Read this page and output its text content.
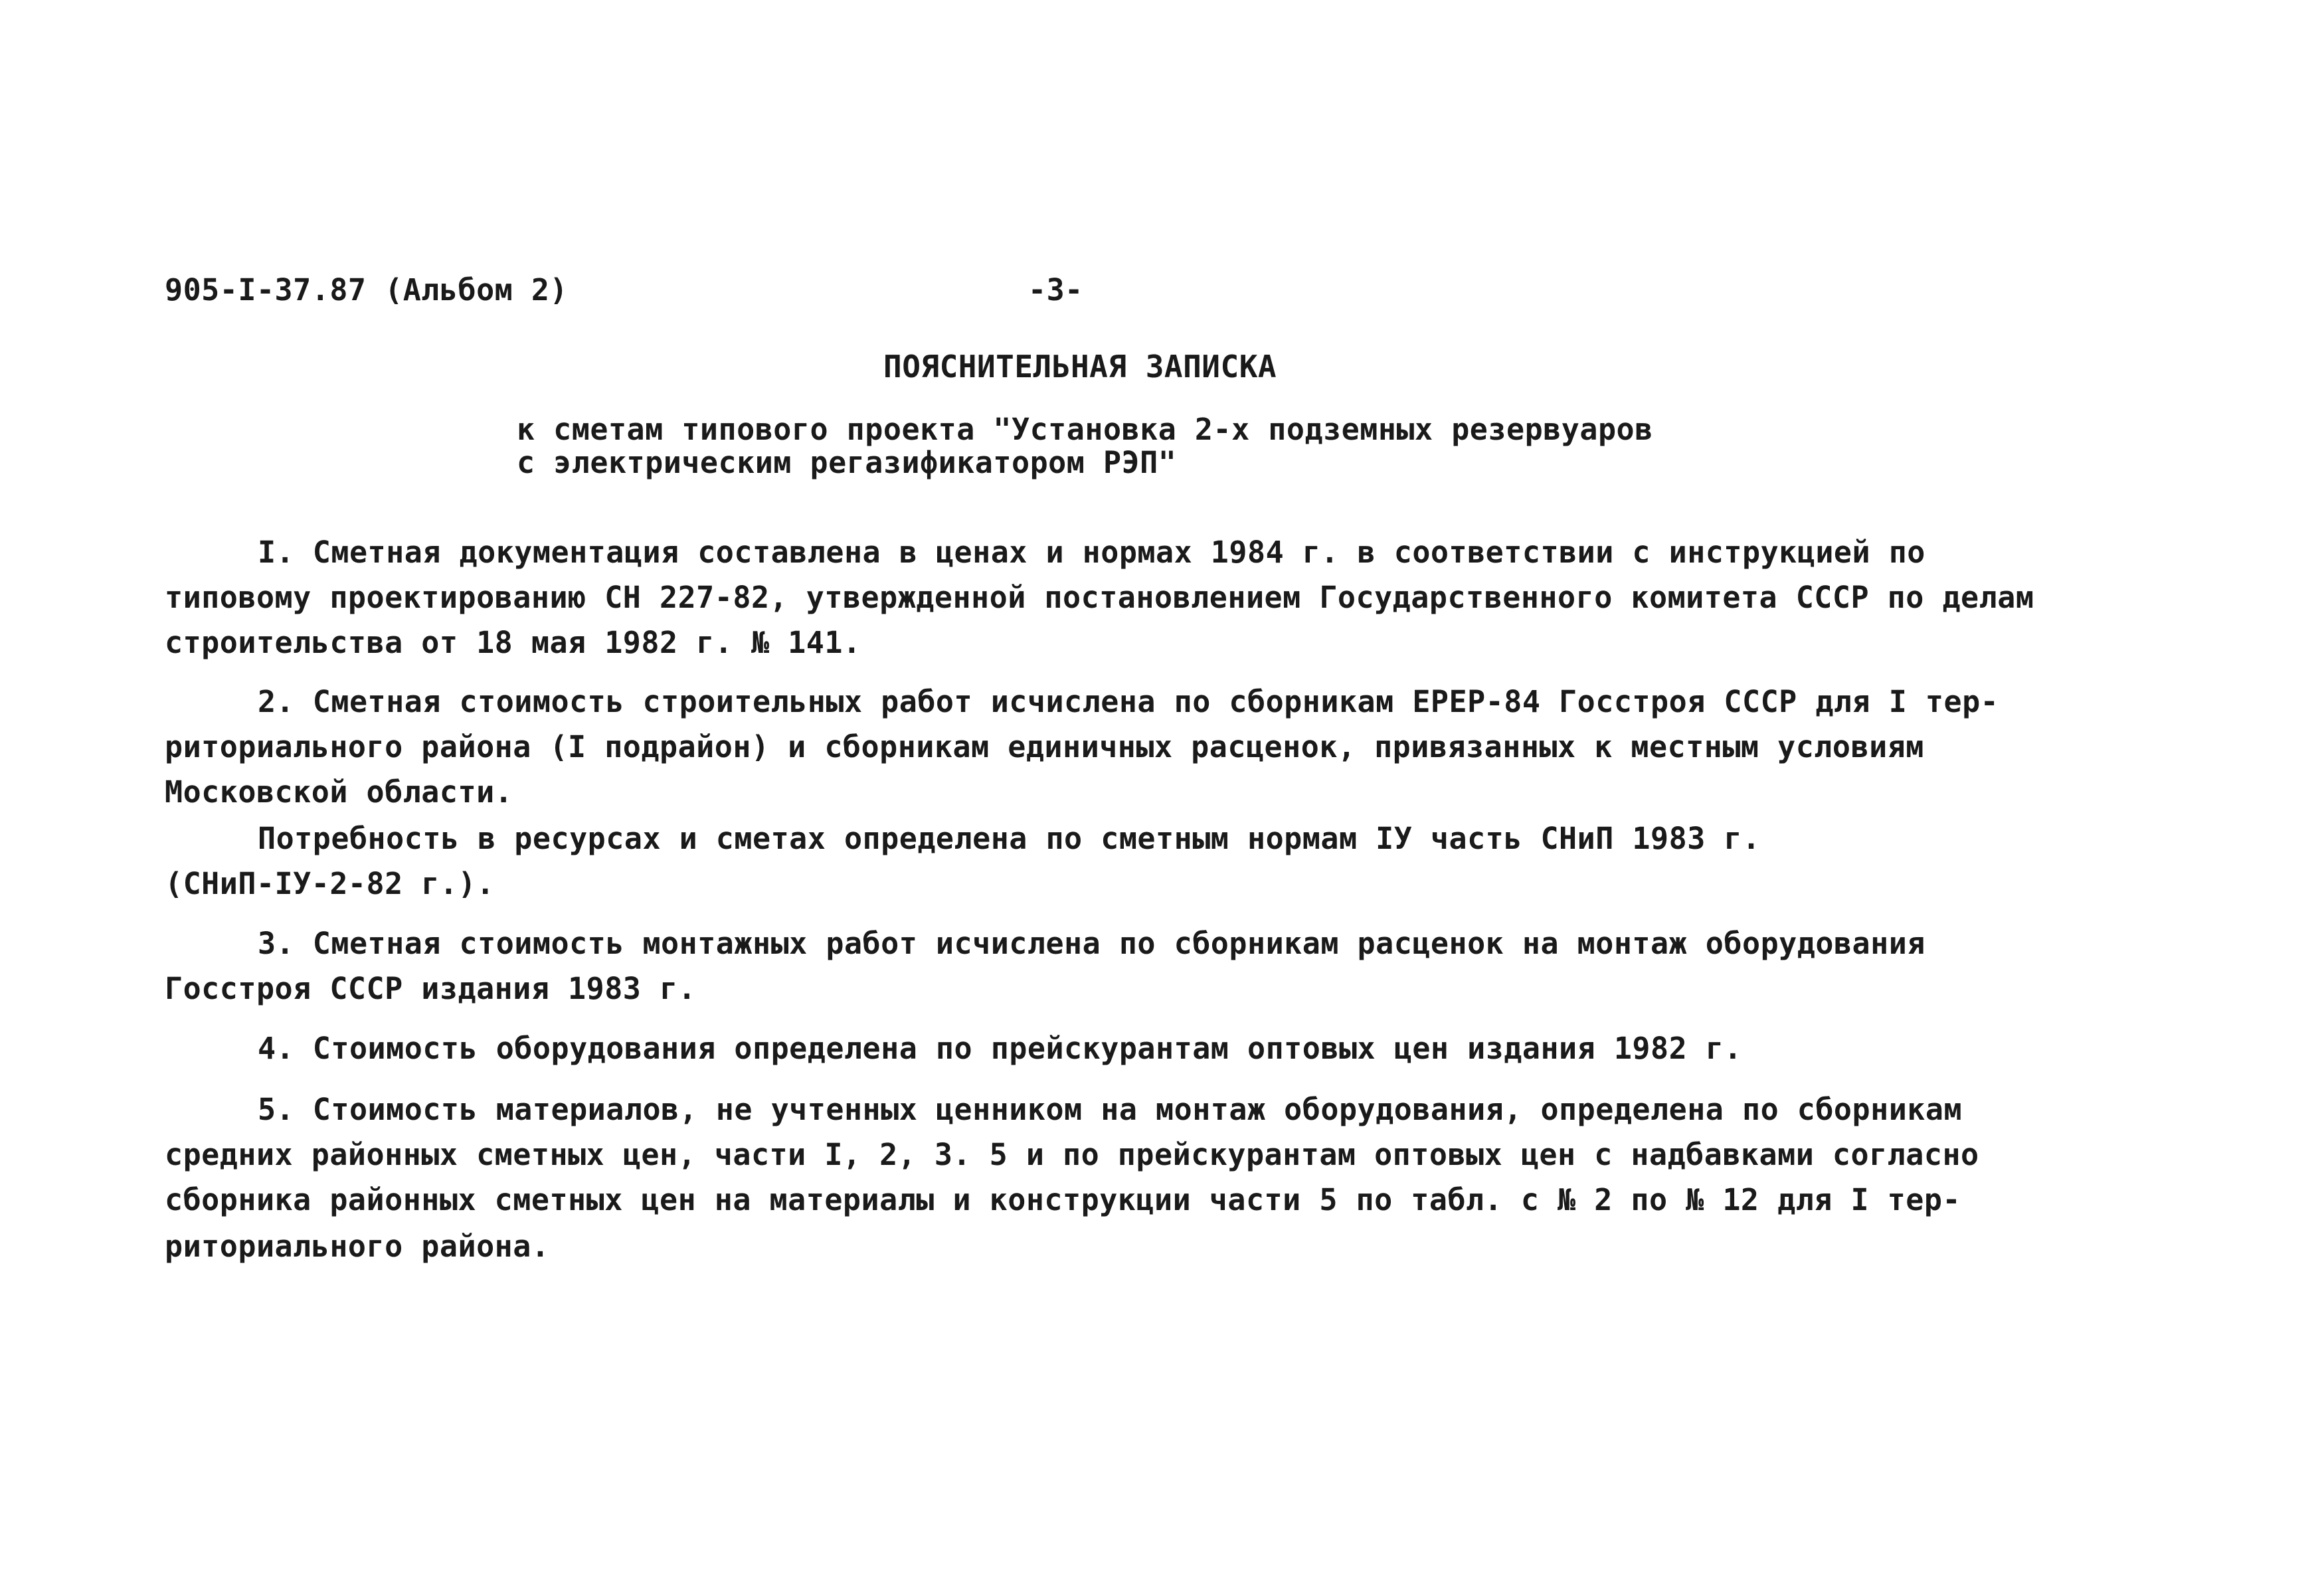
905-I-37.87 (Альбом 2)	-3-
ПОЯСНИТЕЛЬНАЯ ЗАПИСКА
к сметам типового проекта "Установка 2-х подземных резервуаров
с электрическим регазификатором РЭП"
I. Сметная документация составлена в ценах и нормах 1984 г. в соответствии с инструкцией по
типовому проектированию СН 227-82, утвержденной постановлением Государственного комитета СССР по делам
строительства от 18 мая 1982 г. № 141.
2. Сметная стоимость строительных работ исчислена по сборникам ЕРЕР-84 Госстроя СССР для I тер-
риториального района (I подрайон) и сборникам единичных расценок, привязанных к местным условиям
Московской области.
Потребность в ресурсах и сметах определена по сметным нормам IУ часть СНиП 1983 г.
(СНиП-IУ-2-82 г.).
3. Сметная стоимость монтажных работ исчислена по сборникам расценок на монтаж оборудования
Госстроя СССР издания 1983 г.
4. Стоимость оборудования определена по прейскурантам оптовых цен издания 1982 г.
5. Стоимость материалов, не учтенных ценником на монтаж оборудования, определена по сборникам
средних районных сметных цен, части I, 2, 3. 5 и по прейскурантам оптовых цен с надбавками согласно
сборника районных сметных цен на материалы и конструкции части 5 по табл. с № 2 по № 12 для I тер-
риториального района.
